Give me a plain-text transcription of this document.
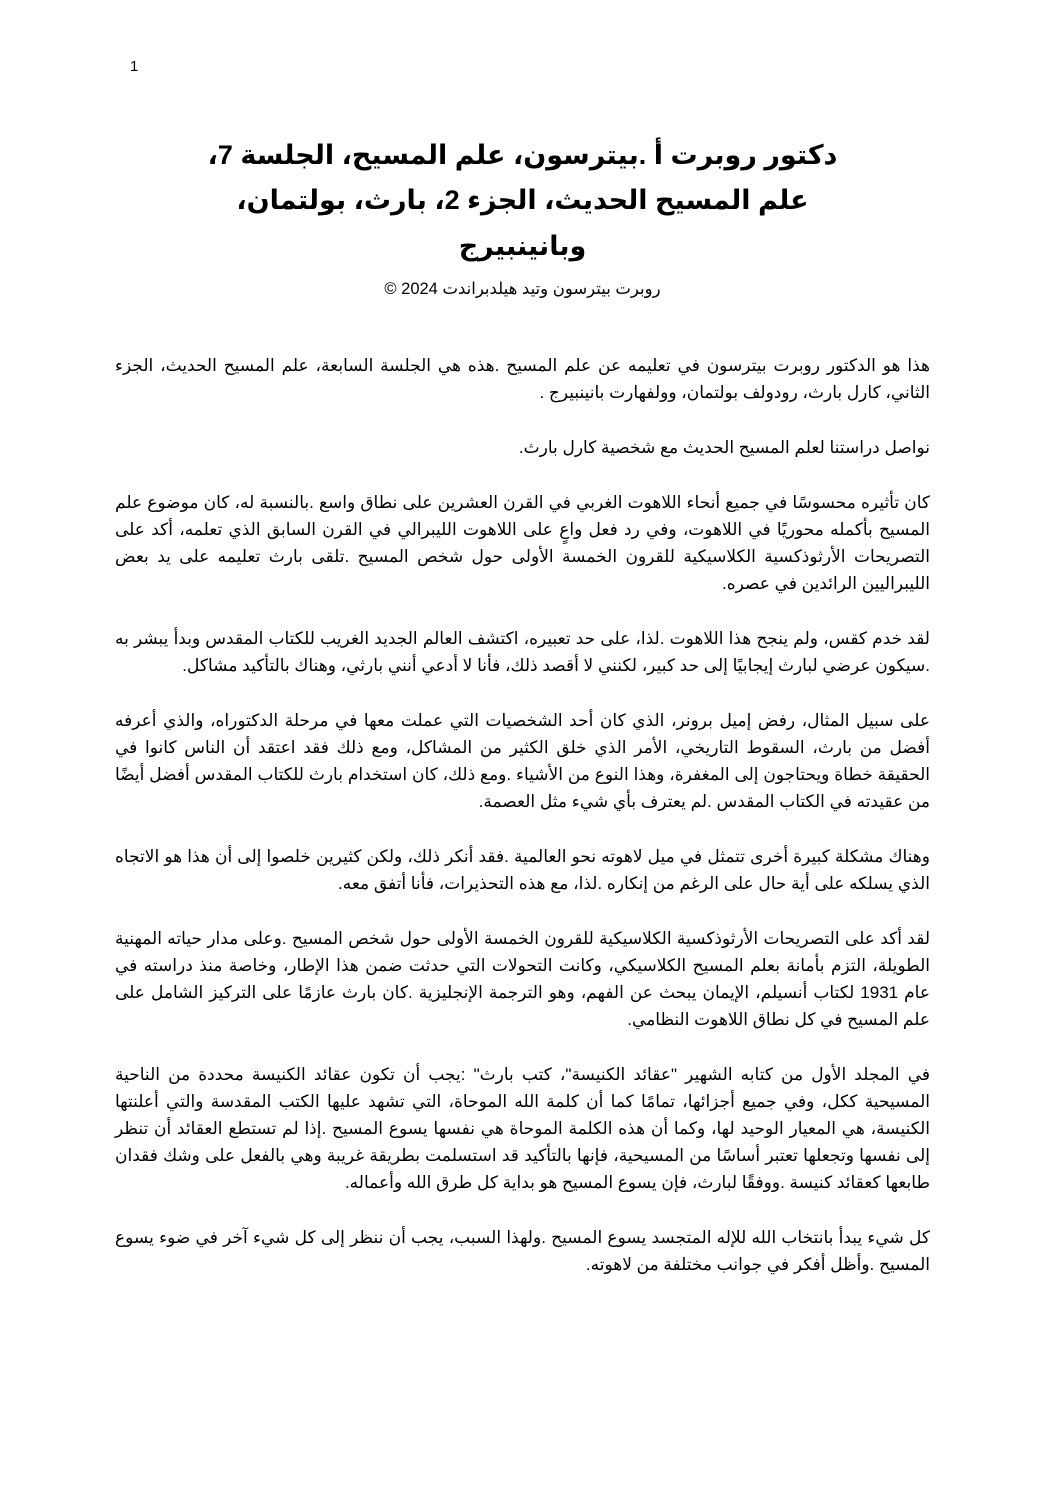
1
دكتور روبرت أ .بيترسون، علم المسيح، الجلسة 7،
علم المسيح الحديث، الجزء 2، بارث، بولتمان،
وبانينبيرج
روبرت بيترسون وتيد هيلدبراندت 2024 ©

هذا هو الدكتور روبرت بيترسون في تعليمه عن علم المسيح .هذه هي الجلسة السابعة، علم المسيح الحديث، الجزء الثاني، كارل بارث، رودولف بولتمان، وولفهارت بانينبيرج .

نواصل دراستنا لعلم المسيح الحديث مع شخصية كارل بارث.

كان تأثيره محسوسًا في جميع أنحاء اللاهوت الغربي في القرن العشرين على نطاق واسع .بالنسبة له، كان موضوع علم المسيح بأكمله محوريًا في اللاهوت، وفي رد فعل واعٍ على اللاهوت الليبرالي في القرن السابق الذي تعلمه، أكد على التصريحات الأرثوذكسية الكلاسيكية للقرون الخمسة الأولى حول شخص المسيح .تلقى بارث تعليمه على يد بعض الليبراليين الرائدين في عصره.

لقد خدم كقس، ولم ينجح هذا اللاهوت .لذا، على حد تعبيره، اكتشف العالم الجديد الغريب للكتاب المقدس وبدأ يبشر به .سيكون عرضي لبارث إيجابيًا إلى حد كبير، لكنني لا أقصد ذلك، فأنا لا أدعي أنني بارثي، وهناك بالتأكيد مشاكل.

على سبيل المثال، رفض إميل برونر، الذي كان أحد الشخصيات التي عملت معها في مرحلة الدكتوراه، والذي أعرفه أفضل من بارث، السقوط التاريخي، الأمر الذي خلق الكثير من المشاكل، ومع ذلك فقد اعتقد أن الناس كانوا في الحقيقة خطاة ويحتاجون إلى المغفرة، وهذا النوع من الأشياء .ومع ذلك، كان استخدام بارث للكتاب المقدس أفضل أيضًا من عقيدته في الكتاب المقدس .لم يعترف بأي شيء مثل العصمة.

وهناك مشكلة كبيرة أخرى تتمثل في ميل لاهوته نحو العالمية .فقد أنكر ذلك، ولكن كثيرين خلصوا إلى أن هذا هو الاتجاه الذي يسلكه على أية حال على الرغم من إنكاره .لذا، مع هذه التحذيرات، فأنا أتفق معه.

لقد أكد على التصريحات الأرثوذكسية الكلاسيكية للقرون الخمسة الأولى حول شخص المسيح .وعلى مدار حياته المهنية الطويلة، التزم بأمانة بعلم المسيح الكلاسيكي، وكانت التحولات التي حدثت ضمن هذا الإطار، وخاصة منذ دراسته في عام 1931 لكتاب أنسيلم، الإيمان يبحث عن الفهم، وهو الترجمة الإنجليزية .كان بارث عازمًا على التركيز الشامل على علم المسيح في كل نطاق اللاهوت النظامي.

في المجلد الأول من كتابه الشهير "عقائد الكنيسة"، كتب بارث" :يجب أن تكون عقائد الكنيسة محددة من الناحية المسيحية ككل، وفي جميع أجزائها، تمامًا كما أن كلمة الله الموحاة، التي تشهد عليها الكتب المقدسة والتي أعلنتها الكنيسة، هي المعيار الوحيد لها، وكما أن هذه الكلمة الموحاة هي نفسها يسوع المسيح .إذا لم تستطع العقائد أن تنظر إلى نفسها وتجعلها تعتبر أساسًا من المسيحية، فإنها بالتأكيد قد استسلمت بطريقة غريبة وهي بالفعل على وشك فقدان طابعها كعقائد كنيسة .ووفقًا لبارث، فإن يسوع المسيح هو بداية كل طرق الله وأعماله.

كل شيء يبدأ بانتخاب الله للإله المتجسد يسوع المسيح .ولهذا السبب، يجب أن ننظر إلى كل شيء آخر في ضوء يسوع المسيح .وأظل أفكر في جوانب مختلفة من لاهوته.
